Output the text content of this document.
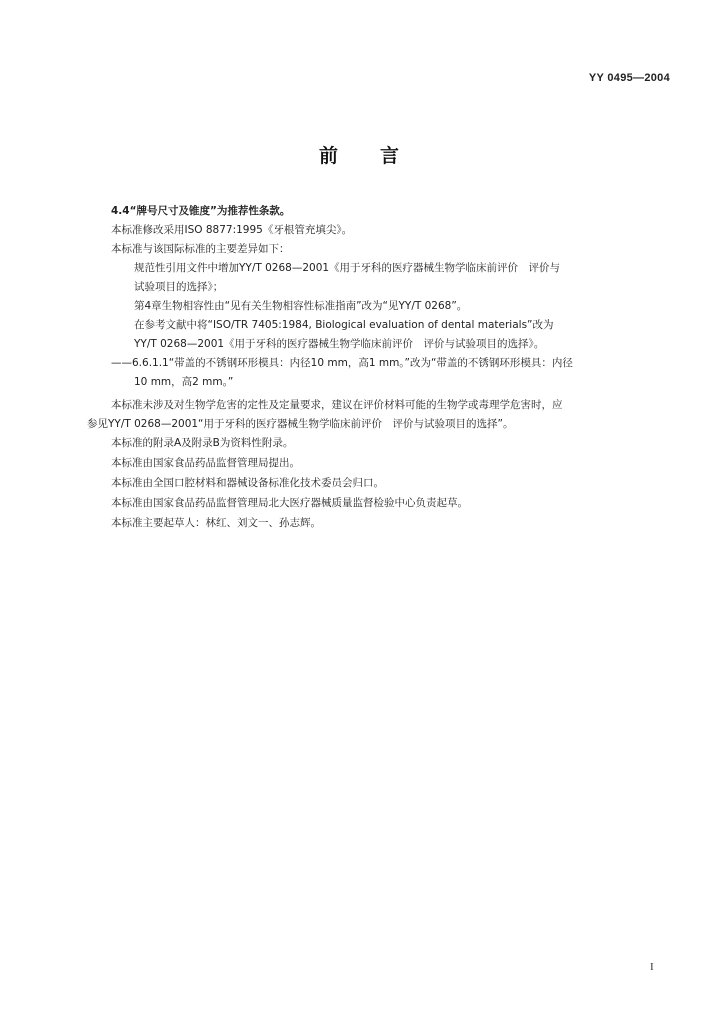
YY 0495—2004
前言
4.4“牌号尺寸及锥度”为推荐性条款。
本标准修改采用ISO 8877:1995《牙根管充填尖》。
本标准与该国际标准的主要差异如下：
规范性引用文件中增加YY/T 0268—2001《用于牙科的医疗器械生物学临床前评价　评价与
试验项目的选择》；
第4章生物相容性由“见有关生物相容性标准指南”改为“见YY/T 0268”。
在参考文献中将“ISO/TR 7405:1984, Biological evaluation of dental materials”改为
YY/T 0268—2001《用于牙科的医疗器械生物学临床前评价　评价与试验项目的选择》。
——6.6.1.1“带盖的不锈钢环形模具：内径10 mm，高1 mm。”改为“带盖的不锈钢环形模具：内径
10 mm，高2 mm。”
本标准未涉及对生物学危害的定性及定量要求，建议在评价材料可能的生物学或毒理学危害时，应
参见YY/T 0268—2001“用于牙科的医疗器械生物学临床前评价　评价与试验项目的选择”。
本标准的附录A及附录B为资料性附录。
本标准由国家食品药品监督管理局提出。
本标准由全国口腔材料和器械设备标准化技术委员会归口。
本标准由国家食品药品监督管理局北大医疗器械质量监督检验中心负责起草。
本标准主要起草人：林红、刘文一、孙志辉。
I
